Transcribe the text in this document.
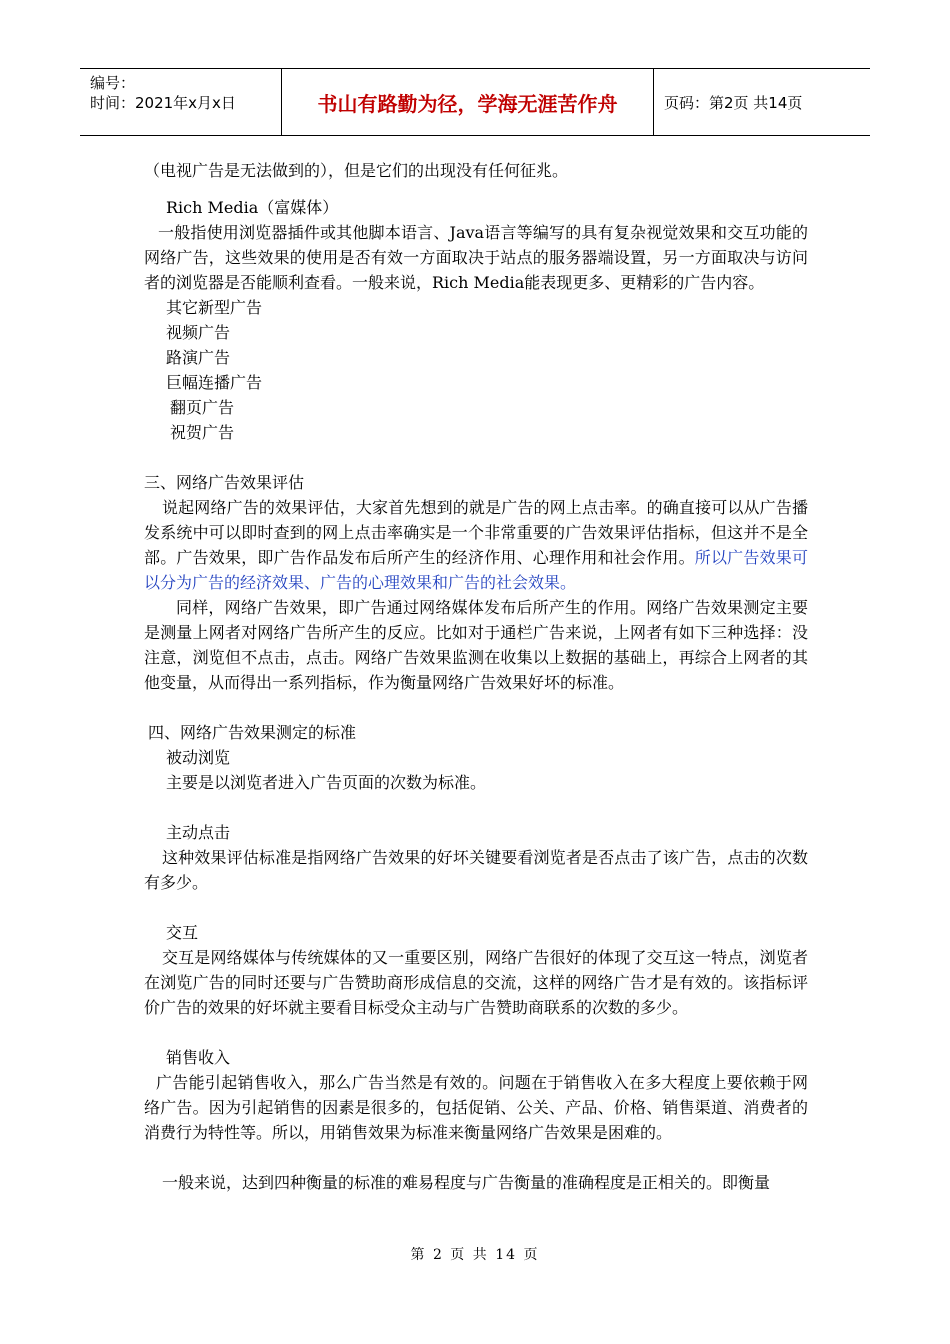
编号：
时间：2021年x月x日	书山有路勤为径，学海无涯苦作舟	页码：第2页 共14页

（电视广告是无法做到的），但是它们的出现没有任何征兆。

Rich Media（富媒体）

一般指使用浏览器插件或其他脚本语言、Java语言等编写的具有复杂视觉效果和交互功能的网络广告，这些效果的使用是否有效一方面取决于站点的服务器端设置，另一方面取决与访问者的浏览器是否能顺利查看。一般来说，Rich Media能表现更多、更精彩的广告内容。

其它新型广告

视频广告

路演广告

巨幅连播广告

翻页广告

祝贺广告

三、网络广告效果评估

说起网络广告的效果评估，大家首先想到的就是广告的网上点击率。的确直接可以从广告播发系统中可以即时查到的网上点击率确实是一个非常重要的广告效果评估指标，但这并不是全部。广告效果，即广告作品发布后所产生的经济作用、心理作用和社会作用。所以广告效果可以分为广告的经济效果、广告的心理效果和广告的社会效果。

同样，网络广告效果，即广告通过网络媒体发布后所产生的作用。网络广告效果测定主要是测量上网者对网络广告所产生的反应。比如对于通栏广告来说，上网者有如下三种选择：没注意，浏览但不点击，点击。网络广告效果监测在收集以上数据的基础上，再综合上网者的其他变量，从而得出一系列指标，作为衡量网络广告效果好坏的标准。

四、网络广告效果测定的标准

被动浏览

主要是以浏览者进入广告页面的次数为标准。

主动点击

这种效果评估标准是指网络广告效果的好坏关键要看浏览者是否点击了该广告，点击的次数有多少。

交互

交互是网络媒体与传统媒体的又一重要区别，网络广告很好的体现了交互这一特点，浏览者在浏览广告的同时还要与广告赞助商形成信息的交流，这样的网络广告才是有效的。该指标评价广告的效果的好坏就主要看目标受众主动与广告赞助商联系的次数的多少。

销售收入

广告能引起销售收入，那么广告当然是有效的。问题在于销售收入在多大程度上要依赖于网络广告。因为引起销售的因素是很多的，包括促销、公关、产品、价格、销售渠道、消费者的消费行为特性等。所以，用销售效果为标准来衡量网络广告效果是困难的。

一般来说，达到四种衡量的标准的难易程度与广告衡量的准确程度是正相关的。即衡量

第 2 页 共 14 页
